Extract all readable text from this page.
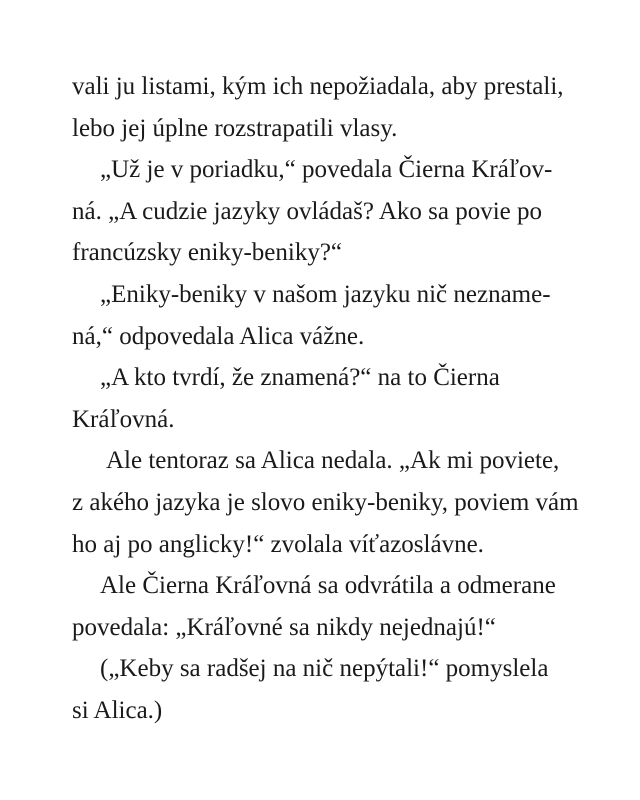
vali ju listami, kým ich nepožiadala, aby prestali,
lebo jej úplne rozstrapatili vlasy.
„Už je v poriadku,“ povedala Čierna Kráľov-
ná. „A cudzie jazyky ovládaš? Ako sa povie po
francúzsky eniky-beniky?“
„Eniky-beniky v našom jazyku nič nezname-
ná,“ odpovedala Alica vážne.
„A kto tvrdí, že znamená?“ na to Čierna
Kráľovná.
Ale tentoraz sa Alica nedala. „Ak mi poviete,
z akého jazyka je slovo eniky-beniky, poviem vám
ho aj po anglicky!“ zvolala víťazoslávne.
Ale Čierna Kráľovná sa odvrátila a odmerane
povedala: „Kráľovné sa nikdy nejednajú!“
(„Keby sa radšej na nič nepýtali!“ pomyslela
si Alica.)
